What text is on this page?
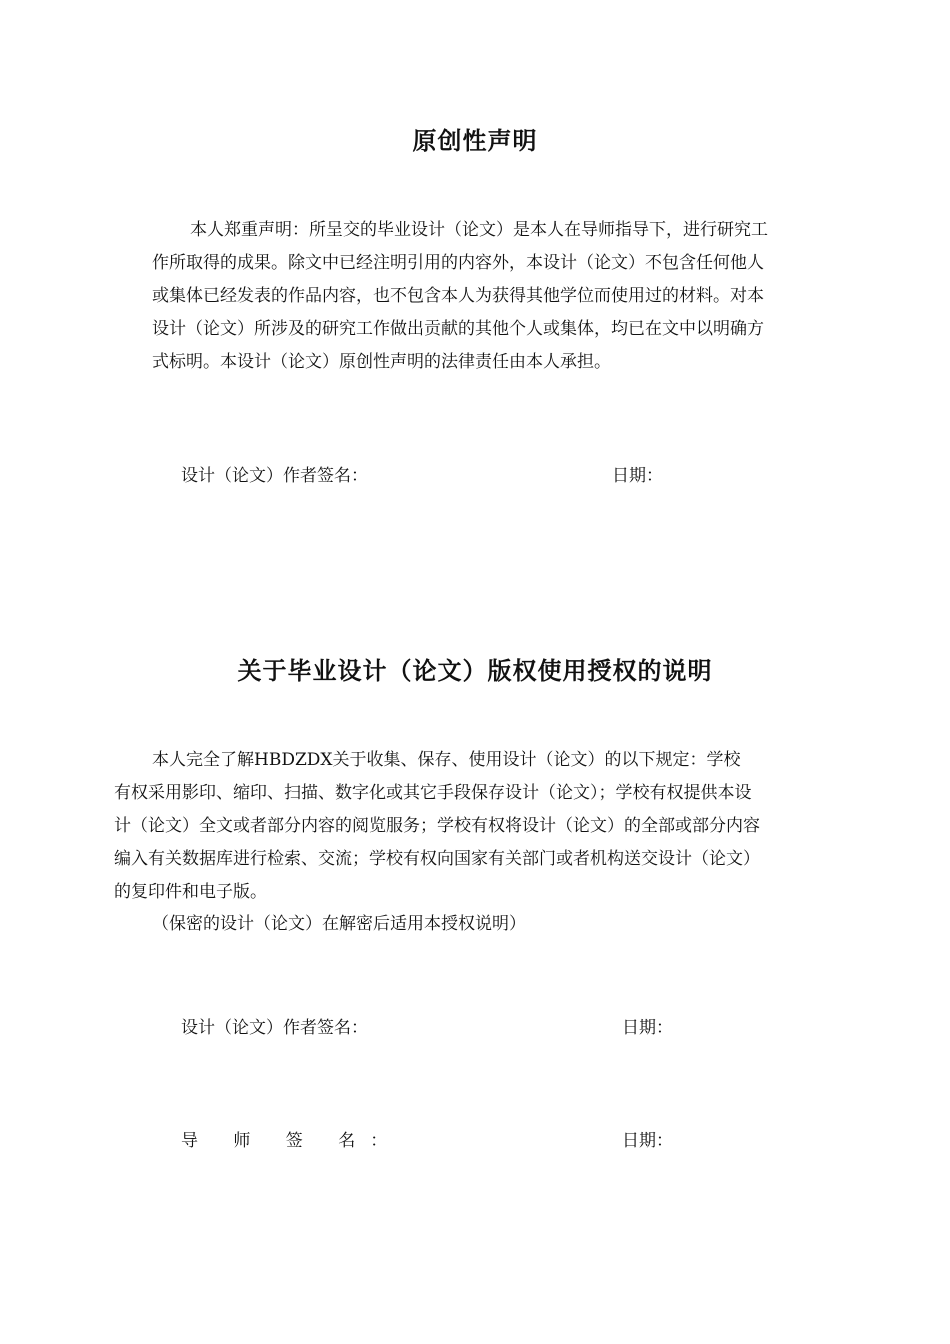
原创性声明
本人郑重声明：所呈交的毕业设计（论文）是本人在导师指导下，进行研究工
作所取得的成果。除文中已经注明引用的内容外，本设计（论文）不包含任何他人
或集体已经发表的作品内容，也不包含本人为获得其他学位而使用过的材料。对本
设计（论文）所涉及的研究工作做出贡献的其他个人或集体，均已在文中以明确方
式标明。本设计（论文）原创性声明的法律责任由本人承担。
设计（论文）作者签名：	日期：
关于毕业设计（论文）版权使用授权的说明
本人完全了解HBDZDX关于收集、保存、使用设计（论文）的以下规定：学校
有权采用影印、缩印、扫描、数字化或其它手段保存设计（论文）；学校有权提供本设
计（论文）全文或者部分内容的阅览服务；学校有权将设计（论文）的全部或部分内容
编入有关数据库进行检索、交流；学校有权向国家有关部门或者机构送交设计（论文）
的复印件和电子版。
（保密的设计（论文）在解密后适用本授权说明）
设计（论文）作者签名：	日期：
导 师 签 名：	日期：
